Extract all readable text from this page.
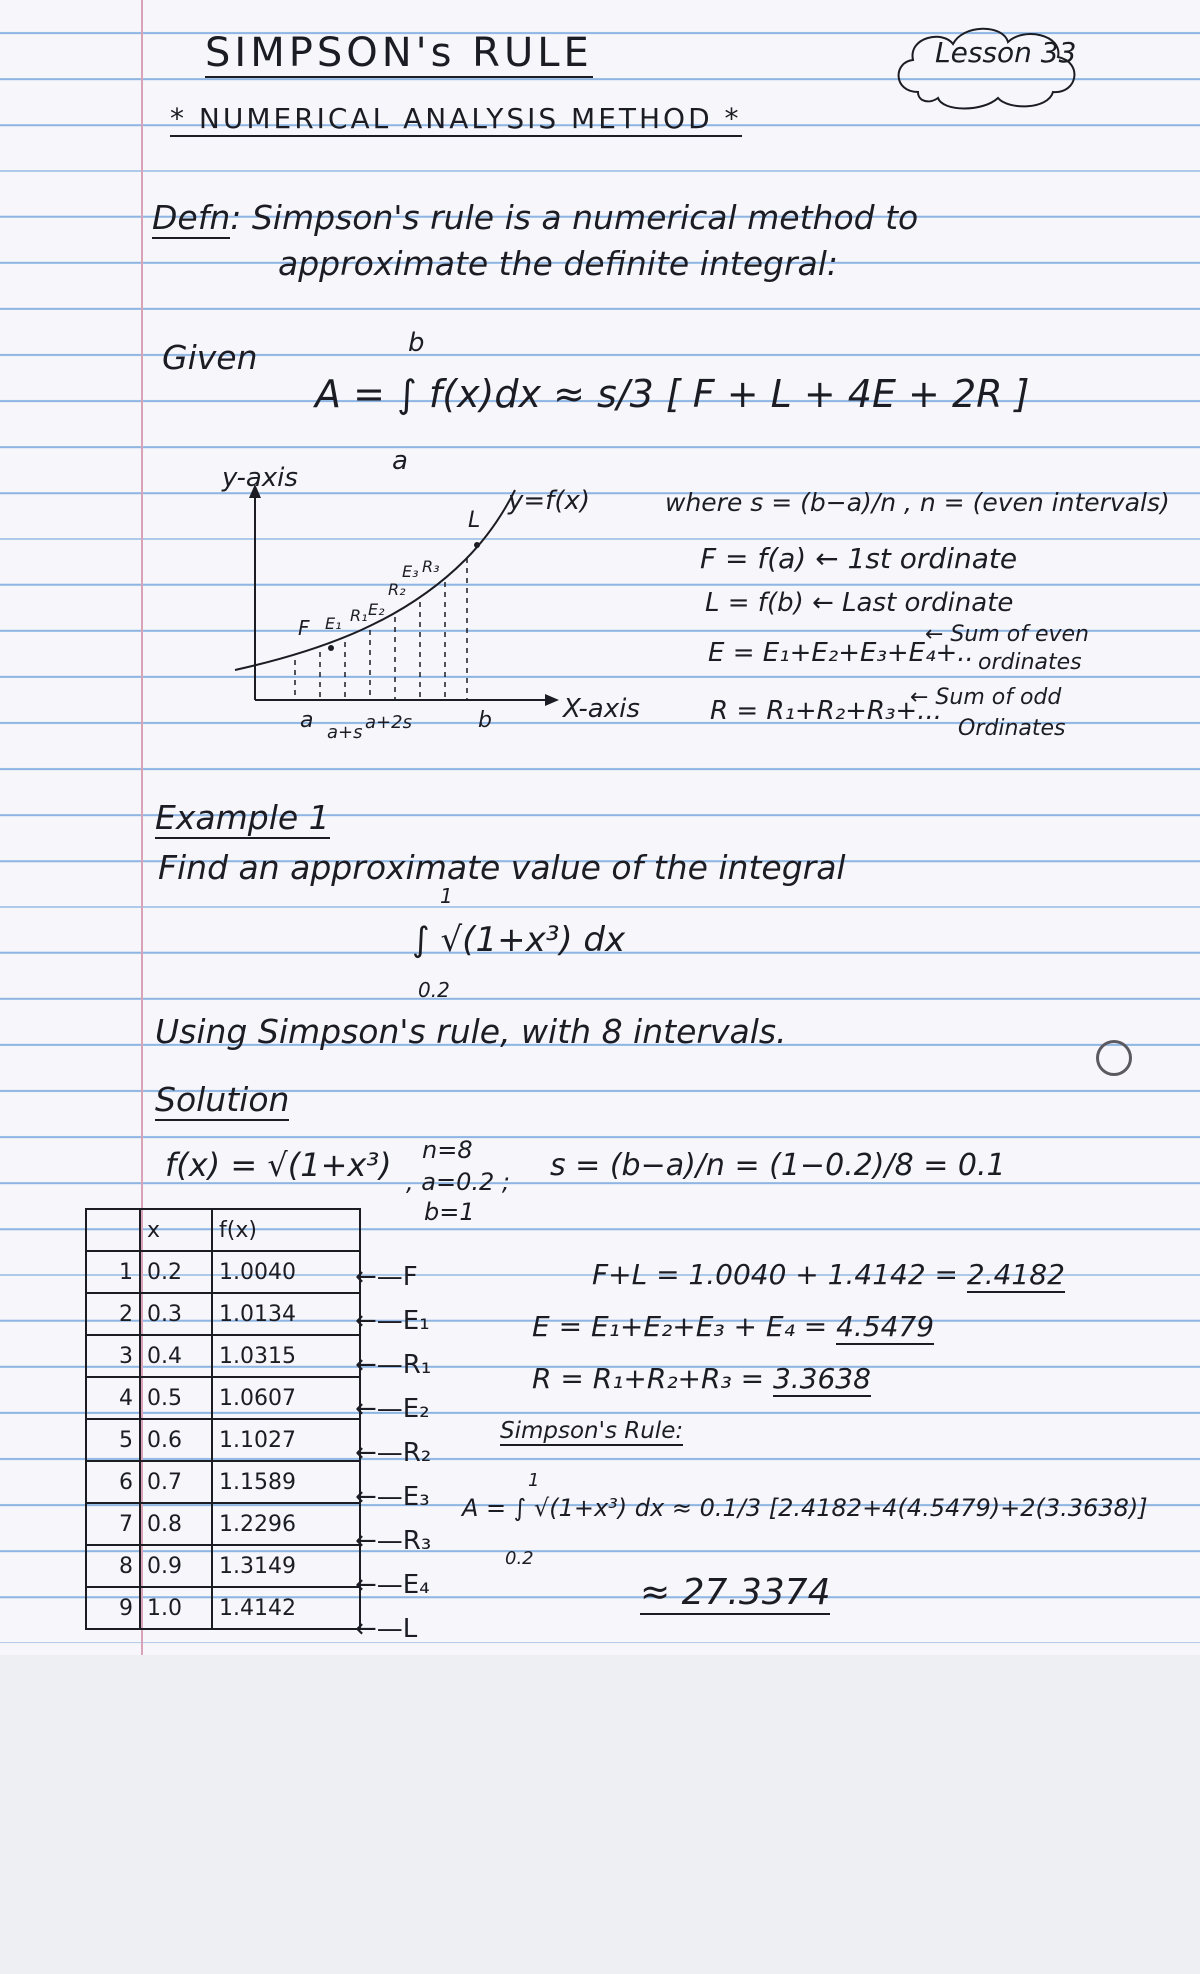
SIMPSON's RULE	Lesson 33
* NUMERICAL ANALYSIS METHOD *
Defn: Simpson's rule is a numerical method to
approximate the definite integral:
Given
A = ∫ f(x)dx ≈ s/3 [ F + L + 4E + 2R ]
a
b
y-axis
X-axis
y=f(x)
F E₁ R₁ E₂
R₂
E₃ R₃
L
a a+s a+2s	b
where s = (b−a)/n , n = (even intervals)
F = f(a) ← 1st ordinate
L = f(b) ← Last ordinate
E = E₁+E₂+E₃+E₄+..
← Sum of even
ordinates
R = R₁+R₂+R₃+...
← Sum of odd
Ordinates
Example 1
Find an approximate value of the integral
∫ √(1+x³) dx
0.2
1
Using Simpson's rule, with 8 intervals.
Solution
f(x) = √(1+x³) n=8
, a=0.2 ;
b=1
s = (b−a)/n = (1−0.2)/8 = 0.1
	x	f(x)
1	0.2	1.0040
2	0.3	1.0134
3	0.4	1.0315
4	0.5	1.0607
5	0.6	1.1027
6	0.7	1.1589
7	0.8	1.2296
8	0.9	1.3149
9	1.0	1.4142
←—F
←—E₁
←—R₁
←—E₂
←—R₂
←—E₃
←—R₃
←—E₄
←—L
F+L = 1.0040 + 1.4142 = 2.4182
E = E₁+E₂+E₃ + E₄ = 4.5479
R = R₁+R₂+R₃ = 3.3638
Simpson's Rule:
A = ∫ √(1+x³) dx ≈ 0.1/3 [2.4182+4(4.5479)+2(3.3638)]
0.2
1
≈ 27.3374
